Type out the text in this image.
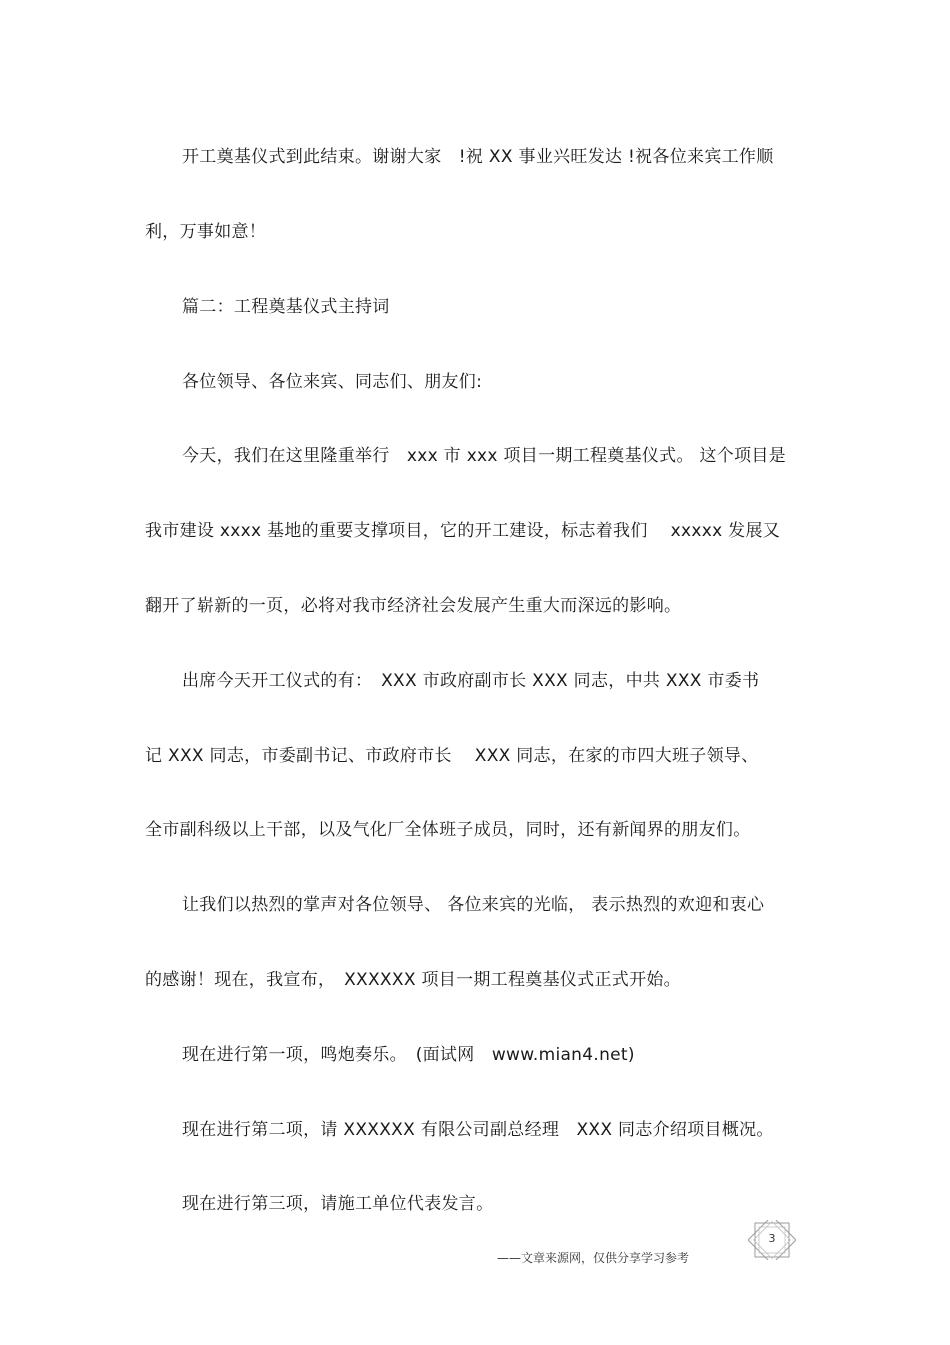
开工奠基仪式到此结束。谢谢大家　!祝 XX 事业兴旺发达 !祝各位来宾工作顺
利，万事如意！
篇二：工程奠基仪式主持词
各位领导、各位来宾、同志们、朋友们:
今天，我们在这里隆重举行　xxx 市 xxx 项目一期工程奠基仪式。 这个项目是
我市建设 xxxx 基地的重要支撑项目，它的开工建设，标志着我们　 xxxxx 发展又
翻开了崭新的一页，必将对我市经济社会发展产生重大而深远的影响。
出席今天开工仪式的有：　XXX 市政府副市长 XXX 同志，中共 XXX 市委书
记 XXX 同志，市委副书记、市政府市长　 XXX 同志，在家的市四大班子领导、
全市副科级以上干部，以及气化厂全体班子成员，同时，还有新闻界的朋友们。
让我们以热烈的掌声对各位领导、 各位来宾的光临， 表示热烈的欢迎和衷心
的感谢！现在，我宣布，　XXXXXX 项目一期工程奠基仪式正式开始。
现在进行第一项，鸣炮奏乐。　(面试网　www.mian4.net)
现在进行第二项，请 XXXXXX 有限公司副总经理　XXX 同志介绍项目概况。
现在进行第三项，请施工单位代表发言。
3
——文章来源网，仅供分享学习参考
